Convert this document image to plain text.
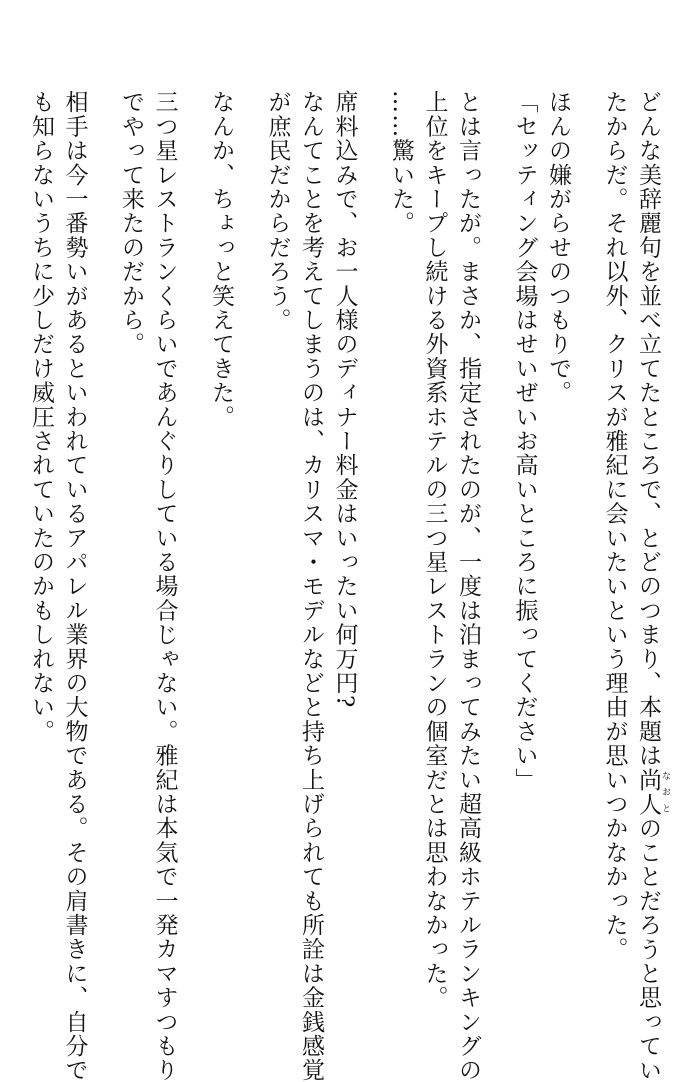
どんな美辞麗句を並べ立てたところで、とどのつまり、本題は尚人 なおとのことだろうと思ってい
たからだ。それ以外、クリスが雅紀に会いたいという理由が思いつかなかった。
ほんの嫌がらせのつもりで。
「セッティング会場はせいぜいお高いところに振ってください」
とは言ったが。まさか、指定されたのが、一度は泊まってみたい超高級ホテルランキングの
上位をキープし続ける外資系ホテルの三つ星レストランの個室だとは思わなかった。
……驚いた。
席料込みで、お一人様のディナー料金はいったい何万円?
なんてことを考えてしまうのは、カリスマ・モデルなどと持ち上げられても所詮は金銭感覚
が庶民だからだろう。
なんか、ちょっと笑えてきた。
三つ星レストランくらいであんぐりしている場合じゃない。雅紀は本気で一発カマすつもり
でやって来たのだから。
相手は今一番勢いがあるといわれているアパレル業界の大物である。その肩書きに、自分で
も知らないうちに少しだけ威圧されていたのかもしれない。
